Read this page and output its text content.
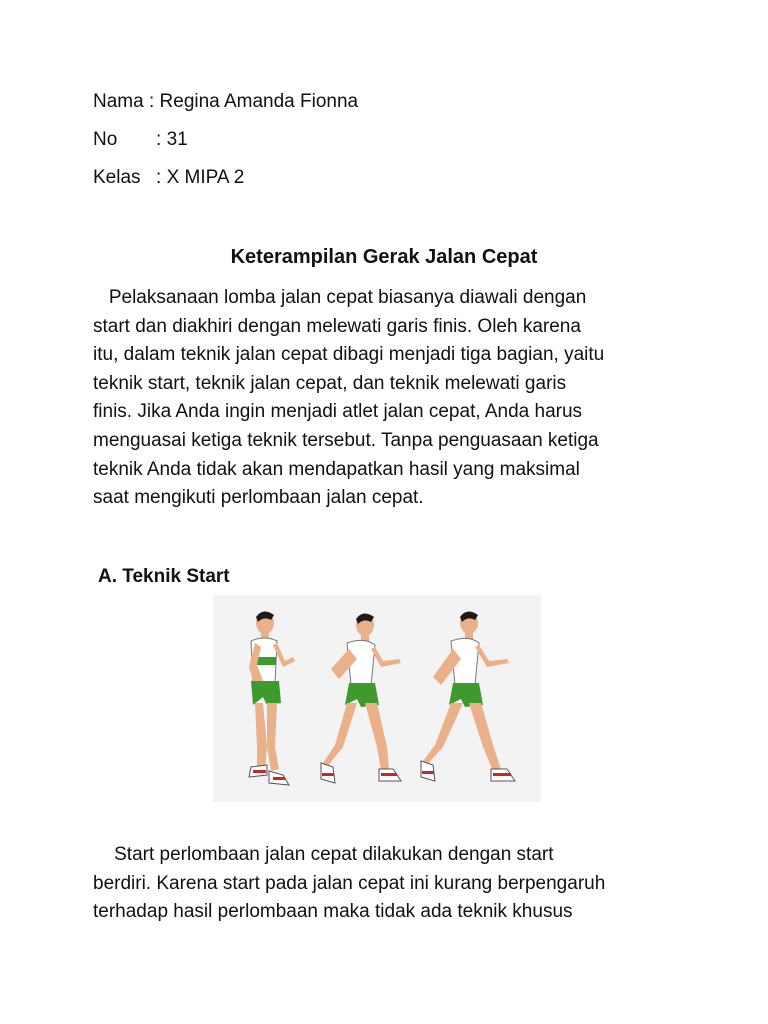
Nama : Regina Amanda Fionna
No : 31
Kelas : X MIPA 2
Keterampilan Gerak Jalan Cepat
Pelaksanaan lomba jalan cepat biasanya diawali dengan
start dan diakhiri dengan melewati garis finis. Oleh karena
itu, dalam teknik jalan cepat dibagi menjadi tiga bagian, yaitu
teknik start, teknik jalan cepat, dan teknik melewati garis
finis. Jika Anda ingin menjadi atlet jalan cepat, Anda harus
menguasai ketiga teknik tersebut. Tanpa penguasaan ketiga
teknik Anda tidak akan mendapatkan hasil yang maksimal
saat mengikuti perlombaan jalan cepat.
A. Teknik Start
Start perlombaan jalan cepat dilakukan dengan start
berdiri. Karena start pada jalan cepat ini kurang berpengaruh
terhadap hasil perlombaan maka tidak ada teknik khusus
